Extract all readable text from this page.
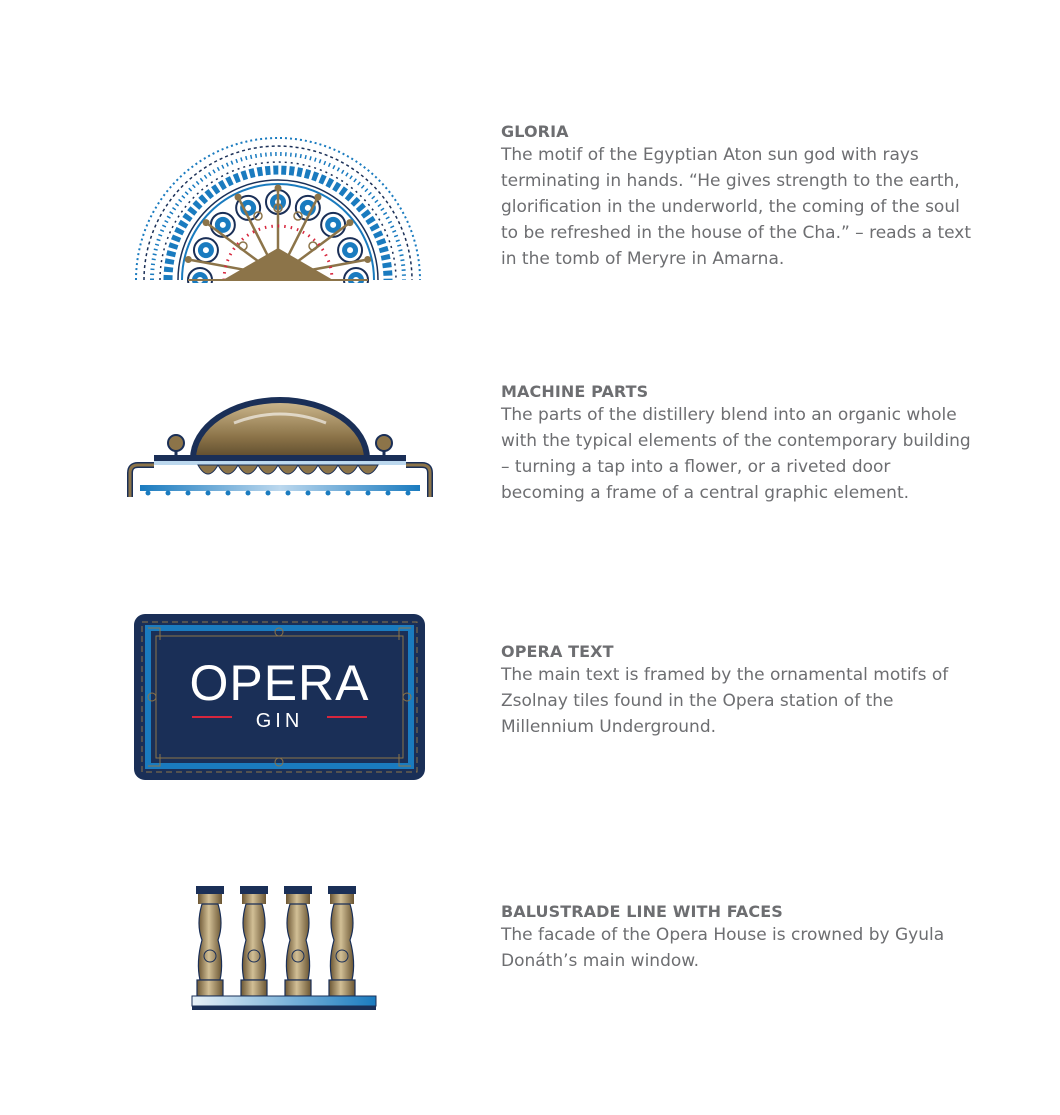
GLORIA

The motif of the Egyptian Aton sun god with rays terminating in hands. “He gives strength to the earth, glorification in the underworld, the coming of the soul to be refreshed in the house of the Cha.” – reads a text in the tomb of Meryre in Amarna.

MACHINE PARTS

The parts of the distillery blend into an organic whole with the typical elements of the contemporary building – turning a tap into a flower, or a riveted door becoming a frame of a central graphic element.

OPERA
GIN
OPERA TEXT

The main text is framed by the ornamental motifs of Zsolnay tiles found in the Opera station of the Millennium Underground.

BALUSTRADE LINE WITH FACES

The facade of the Opera House is crowned by Gyula Donáth’s main window.
